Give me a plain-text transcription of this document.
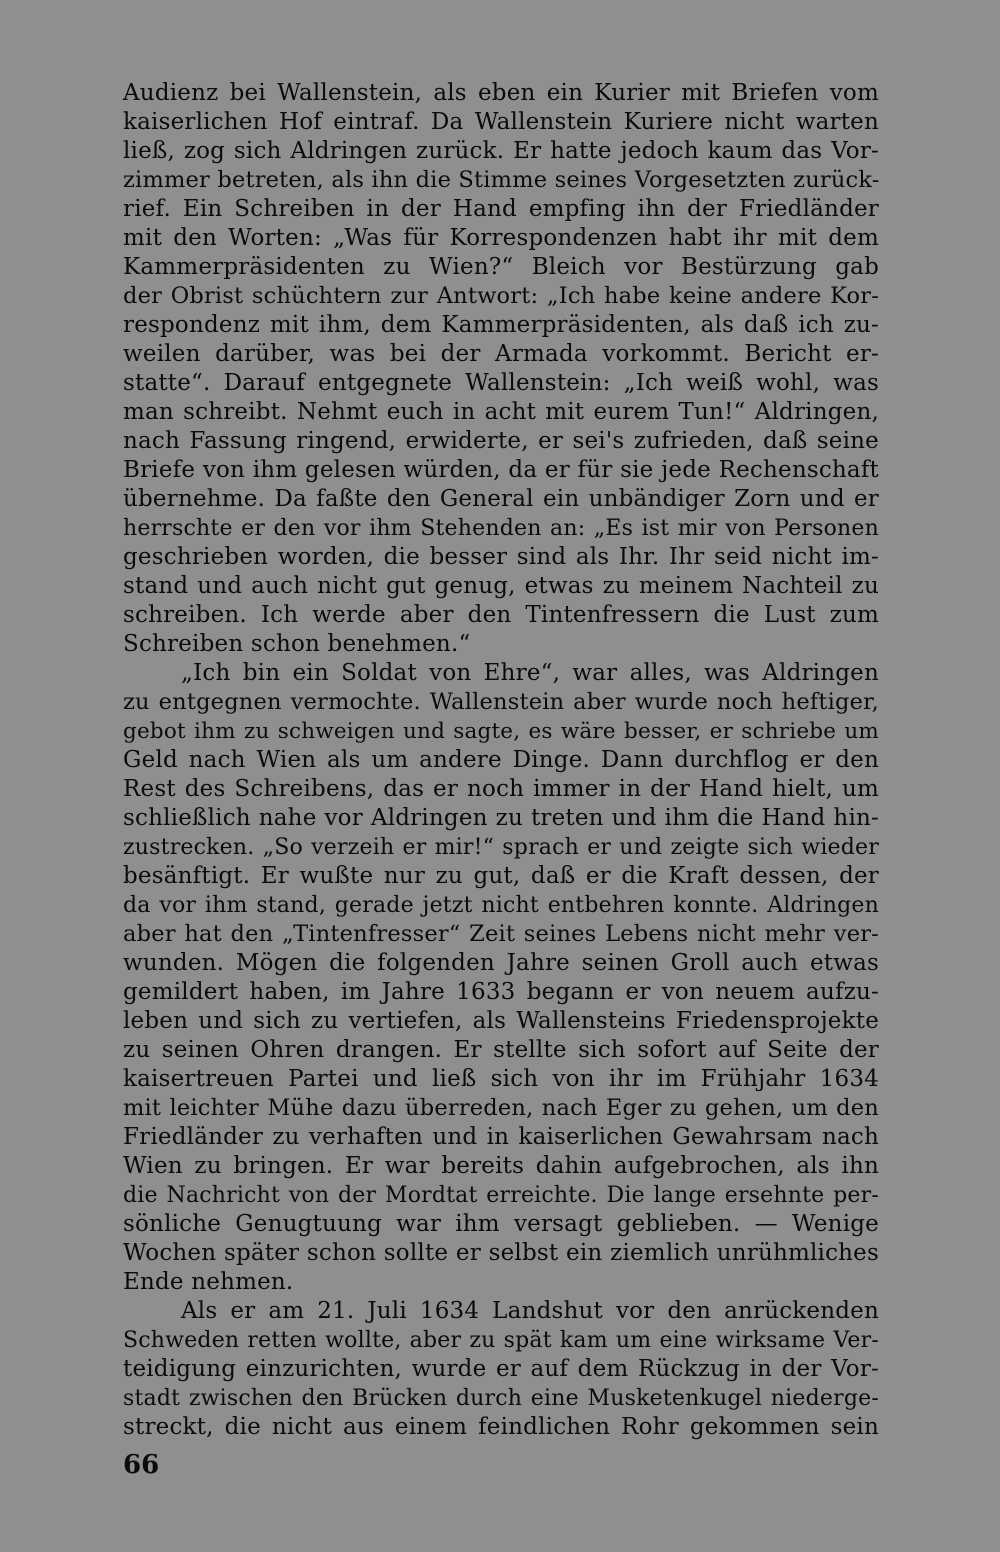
Audienz bei Wallenstein, als eben ein Kurier mit Briefen vom
kaiserlichen Hof eintraf. Da Wallenstein Kuriere nicht warten
ließ, zog sich Aldringen zurück. Er hatte jedoch kaum das Vor-
zimmer betreten, als ihn die Stimme seines Vorgesetzten zurück-
rief. Ein Schreiben in der Hand empfing ihn der Friedländer
mit den Worten: „Was für Korrespondenzen habt ihr mit dem
Kammerpräsidenten zu Wien?“ Bleich vor Bestürzung gab
der Obrist schüchtern zur Antwort: „Ich habe keine andere Kor-
respondenz mit ihm, dem Kammerpräsidenten, als daß ich zu-
weilen darüber, was bei der Armada vorkommt. Bericht er-
statte“. Darauf entgegnete Wallenstein: „Ich weiß wohl, was
man schreibt. Nehmt euch in acht mit eurem Tun!“ Aldringen,
nach Fassung ringend, erwiderte, er sei's zufrieden, daß seine
Briefe von ihm gelesen würden, da er für sie jede Rechenschaft
übernehme. Da faßte den General ein unbändiger Zorn und er
herrschte er den vor ihm Stehenden an: „Es ist mir von Personen
geschrieben worden, die besser sind als Ihr. Ihr seid nicht im-
stand und auch nicht gut genug, etwas zu meinem Nachteil zu
schreiben. Ich werde aber den Tintenfressern die Lust zum
Schreiben schon benehmen.“
„Ich bin ein Soldat von Ehre“, war alles, was Aldringen
zu entgegnen vermochte. Wallenstein aber wurde noch heftiger,
gebot ihm zu schweigen und sagte, es wäre besser, er schriebe um
Geld nach Wien als um andere Dinge. Dann durchflog er den
Rest des Schreibens, das er noch immer in der Hand hielt, um
schließlich nahe vor Aldringen zu treten und ihm die Hand hin-
zustrecken. „So verzeih er mir!“ sprach er und zeigte sich wieder
besänftigt. Er wußte nur zu gut, daß er die Kraft dessen, der
da vor ihm stand, gerade jetzt nicht entbehren konnte. Aldringen
aber hat den „Tintenfresser“ Zeit seines Lebens nicht mehr ver-
wunden. Mögen die folgenden Jahre seinen Groll auch etwas
gemildert haben, im Jahre 1633 begann er von neuem aufzu-
leben und sich zu vertiefen, als Wallensteins Friedensprojekte
zu seinen Ohren drangen. Er stellte sich sofort auf Seite der
kaisertreuen Partei und ließ sich von ihr im Frühjahr 1634
mit leichter Mühe dazu überreden, nach Eger zu gehen, um den
Friedländer zu verhaften und in kaiserlichen Gewahrsam nach
Wien zu bringen. Er war bereits dahin aufgebrochen, als ihn
die Nachricht von der Mordtat erreichte. Die lange ersehnte per-
sönliche Genugtuung war ihm versagt geblieben. — Wenige
Wochen später schon sollte er selbst ein ziemlich unrühmliches
Ende nehmen.
Als er am 21. Juli 1634 Landshut vor den anrückenden
Schweden retten wollte, aber zu spät kam um eine wirksame Ver-
teidigung einzurichten, wurde er auf dem Rückzug in der Vor-
stadt zwischen den Brücken durch eine Musketenkugel niederge-
streckt, die nicht aus einem feindlichen Rohr gekommen sein
66
